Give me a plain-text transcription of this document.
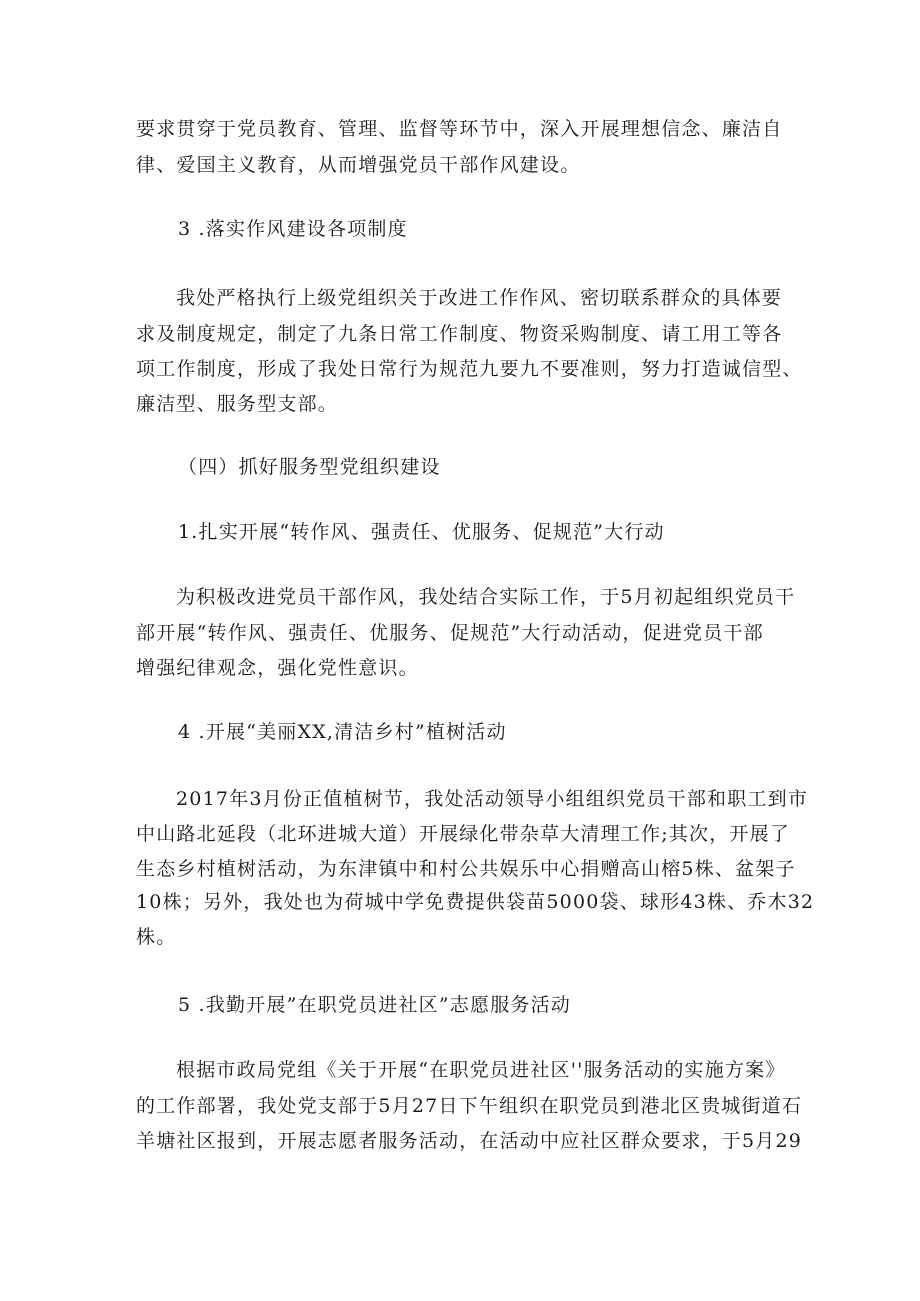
要求贯穿于党员教育、管理、监督等环节中，深入开展理想信念、廉洁自
律、爱国主义教育，从而增强党员干部作风建设。
3 .落实作风建设各项制度
我处严格执行上级党组织关于改进工作作风、密切联系群众的具体要
求及制度规定，制定了九条日常工作制度、物资采购制度、请工用工等各
项工作制度，形成了我处日常行为规范九要九不要准则，努力打造诚信型、
廉洁型、服务型支部。
（四）抓好服务型党组织建设
1.扎实开展“转作风、强责任、优服务、促规范”大行动
为积极改进党员干部作风，我处结合实际工作，于5月初起组织党员干
部开展“转作风、强责任、优服务、促规范”大行动活动，促进党员干部
增强纪律观念，强化党性意识。
4 .开展“美丽XX,清洁乡村”植树活动
2017年3月份正值植树节，我处活动领导小组组织党员干部和职工到市
中山路北延段（北环进城大道）开展绿化带杂草大清理工作;其次，开展了
生态乡村植树活动，为东津镇中和村公共娱乐中心捐赠高山榕5株、盆架子
10株；另外，我处也为荷城中学免费提供袋苗5000袋、球形43株、乔木32
株。
5 .我勤开展”在职党员进社区”志愿服务活动
根据市政局党组《关于开展“在职党员进社区''服务活动的实施方案》
的工作部署，我处党支部于5月27日下午组织在职党员到港北区贵城街道石
羊塘社区报到，开展志愿者服务活动，在活动中应社区群众要求，于5月29
